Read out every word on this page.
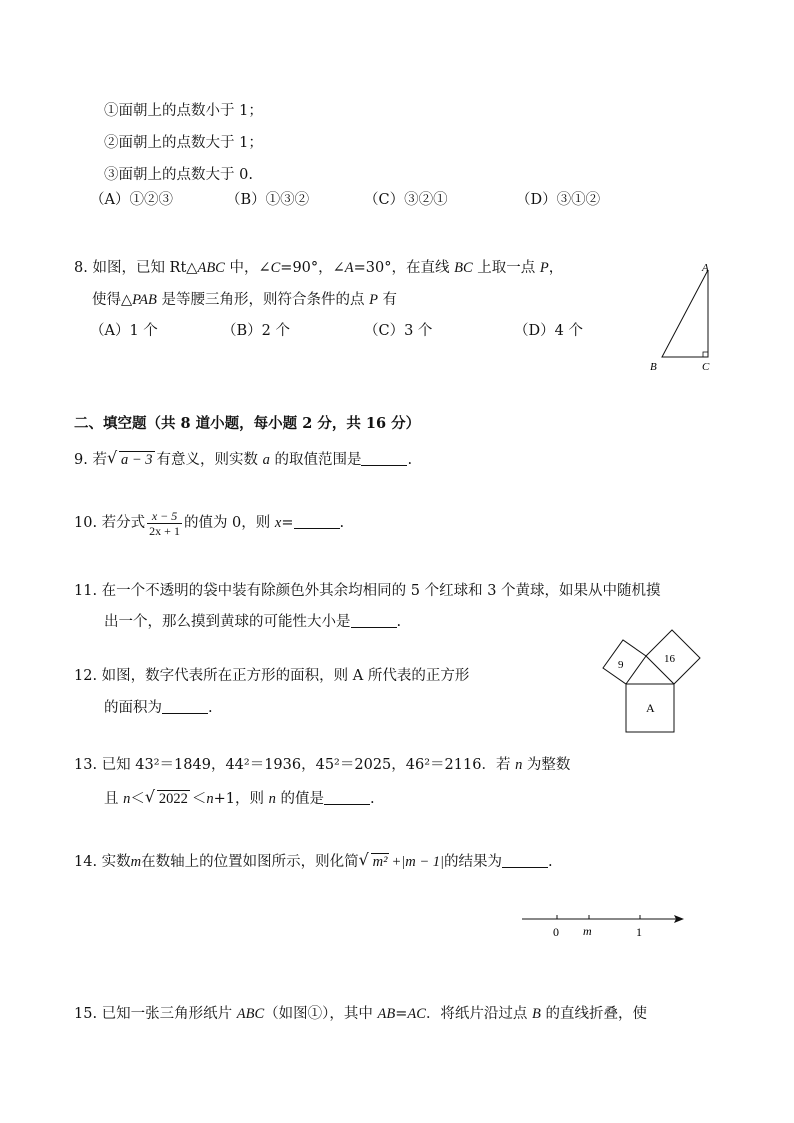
①面朝上的点数小于 1；
②面朝上的点数大于 1；
③面朝上的点数大于 0.
（A）①②③	（B）①③②	（C）③②①	（D）③①②
8. 如图，已知 Rt△ABC 中，∠C=90°，∠A=30°，在直线 BC 上取一点 P，
使得△PAB 是等腰三角形，则符合条件的点 P 有
（A）1 个	（B）2 个	（C）3 个	（D）4 个
A
B	C
二、填空题（共 8 道小题，每小题 2 分，共 16 分）
9. 若 √ a − 3 有意义，则实数 a 的取值范围是	.
10. 若分式 $\frac{x - 5}{2x + 1}$ 的值为 0，则 x=	.
11. 在一个不透明的袋中装有除颜色外其余均相同的 5 个红球和 3 个黄球，如果从中随机摸
出一个，那么摸到黄球的可能性大小是	.
12. 如图，数字代表所在正方形的面积，则 A 所代表的正方形
的面积为	.
9	16
A
13. 已知 43²＝1849，44²＝1936，45²＝2025，46²＝2116．若 n 为整数
且 n＜ √ 2022 ＜n+1，则 n 的值是	.
14. 实数m在数轴上的位置如图所示，则化简 √ m² +|m − 1|的结果为	.
0 m	1
15. 已知一张三角形纸片 ABC（如图①），其中 AB=AC．将纸片沿过点 B 的直线折叠，使
